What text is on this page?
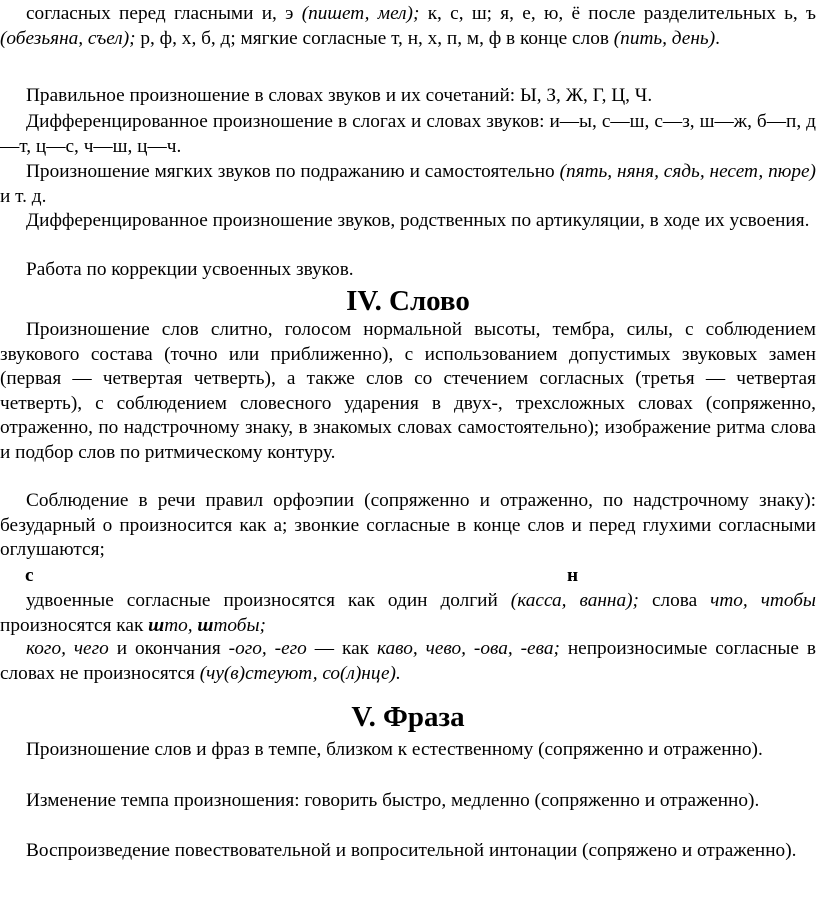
согласных перед гласными и, э (пишет, мел); к, с, ш; я, е, ю, ё после разделительных ь, ъ (обезьяна, съел); р, ф, х, б, д; мягкие согласные т, н, х, п, м, ф в конце слов (пить, день).

Правильное произношение в словах звуков и их сочетаний: Ы, З, Ж, Г, Ц, Ч.

Дифференцированное произношение в слогах и словах звуков: и—ы, с—ш, с—з, ш—ж, б—п, д—т, ц—с, ч—ш, ц—ч.

Произношение мягких звуков по подражанию и самостоятельно (пять, няня, сядь, несет, пюре) и т. д.

Дифференцированное произношение звуков, родственных по артикуляции, в ходе их усвоения.

Работа по коррекции усвоенных звуков.

Произношение слов слитно, голосом нормальной высоты, тембра, силы, с соблюдением звукового состава (точно или приближенно), с использованием допустимых звуковых замен (первая — четвертая четверть), а также слов со стечением согласных (третья — четвертая четверть), с соблюдением словесного ударения в двух-, трехсложных словах (сопряженно, отраженно, по надстрочному знаку, в знакомых словах самостоятельно); изображение ритма слова и подбор слов по ритмическому контуру.

Соблюдение в речи правил орфоэпии (сопряженно и отраженно, по надстрочному знаку): безударный о произносится как а; звонкие согласные в конце слов и перед глухими согласными оглушаются;

удвоенные согласные произносятся как один долгий (касса, ванна); слова что, чтобы произносятся как што, штобы;

кого, чего и окончания -ого, -его — как каво, чево, -ова, -ева; непроизносимые согласные в словах не произносятся (чу(в)стеуют, со(л)нце).

Произношение слов и фраз в темпе, близком к естественному (сопряженно и отраженно).

Изменение темпа произношения: говорить быстро, медленно (сопряженно и отраженно).

Воспроизведение повествовательной и вопросительной интонации (сопряжено и отраженно).

IV. Слово
с	н
V. Фраза
